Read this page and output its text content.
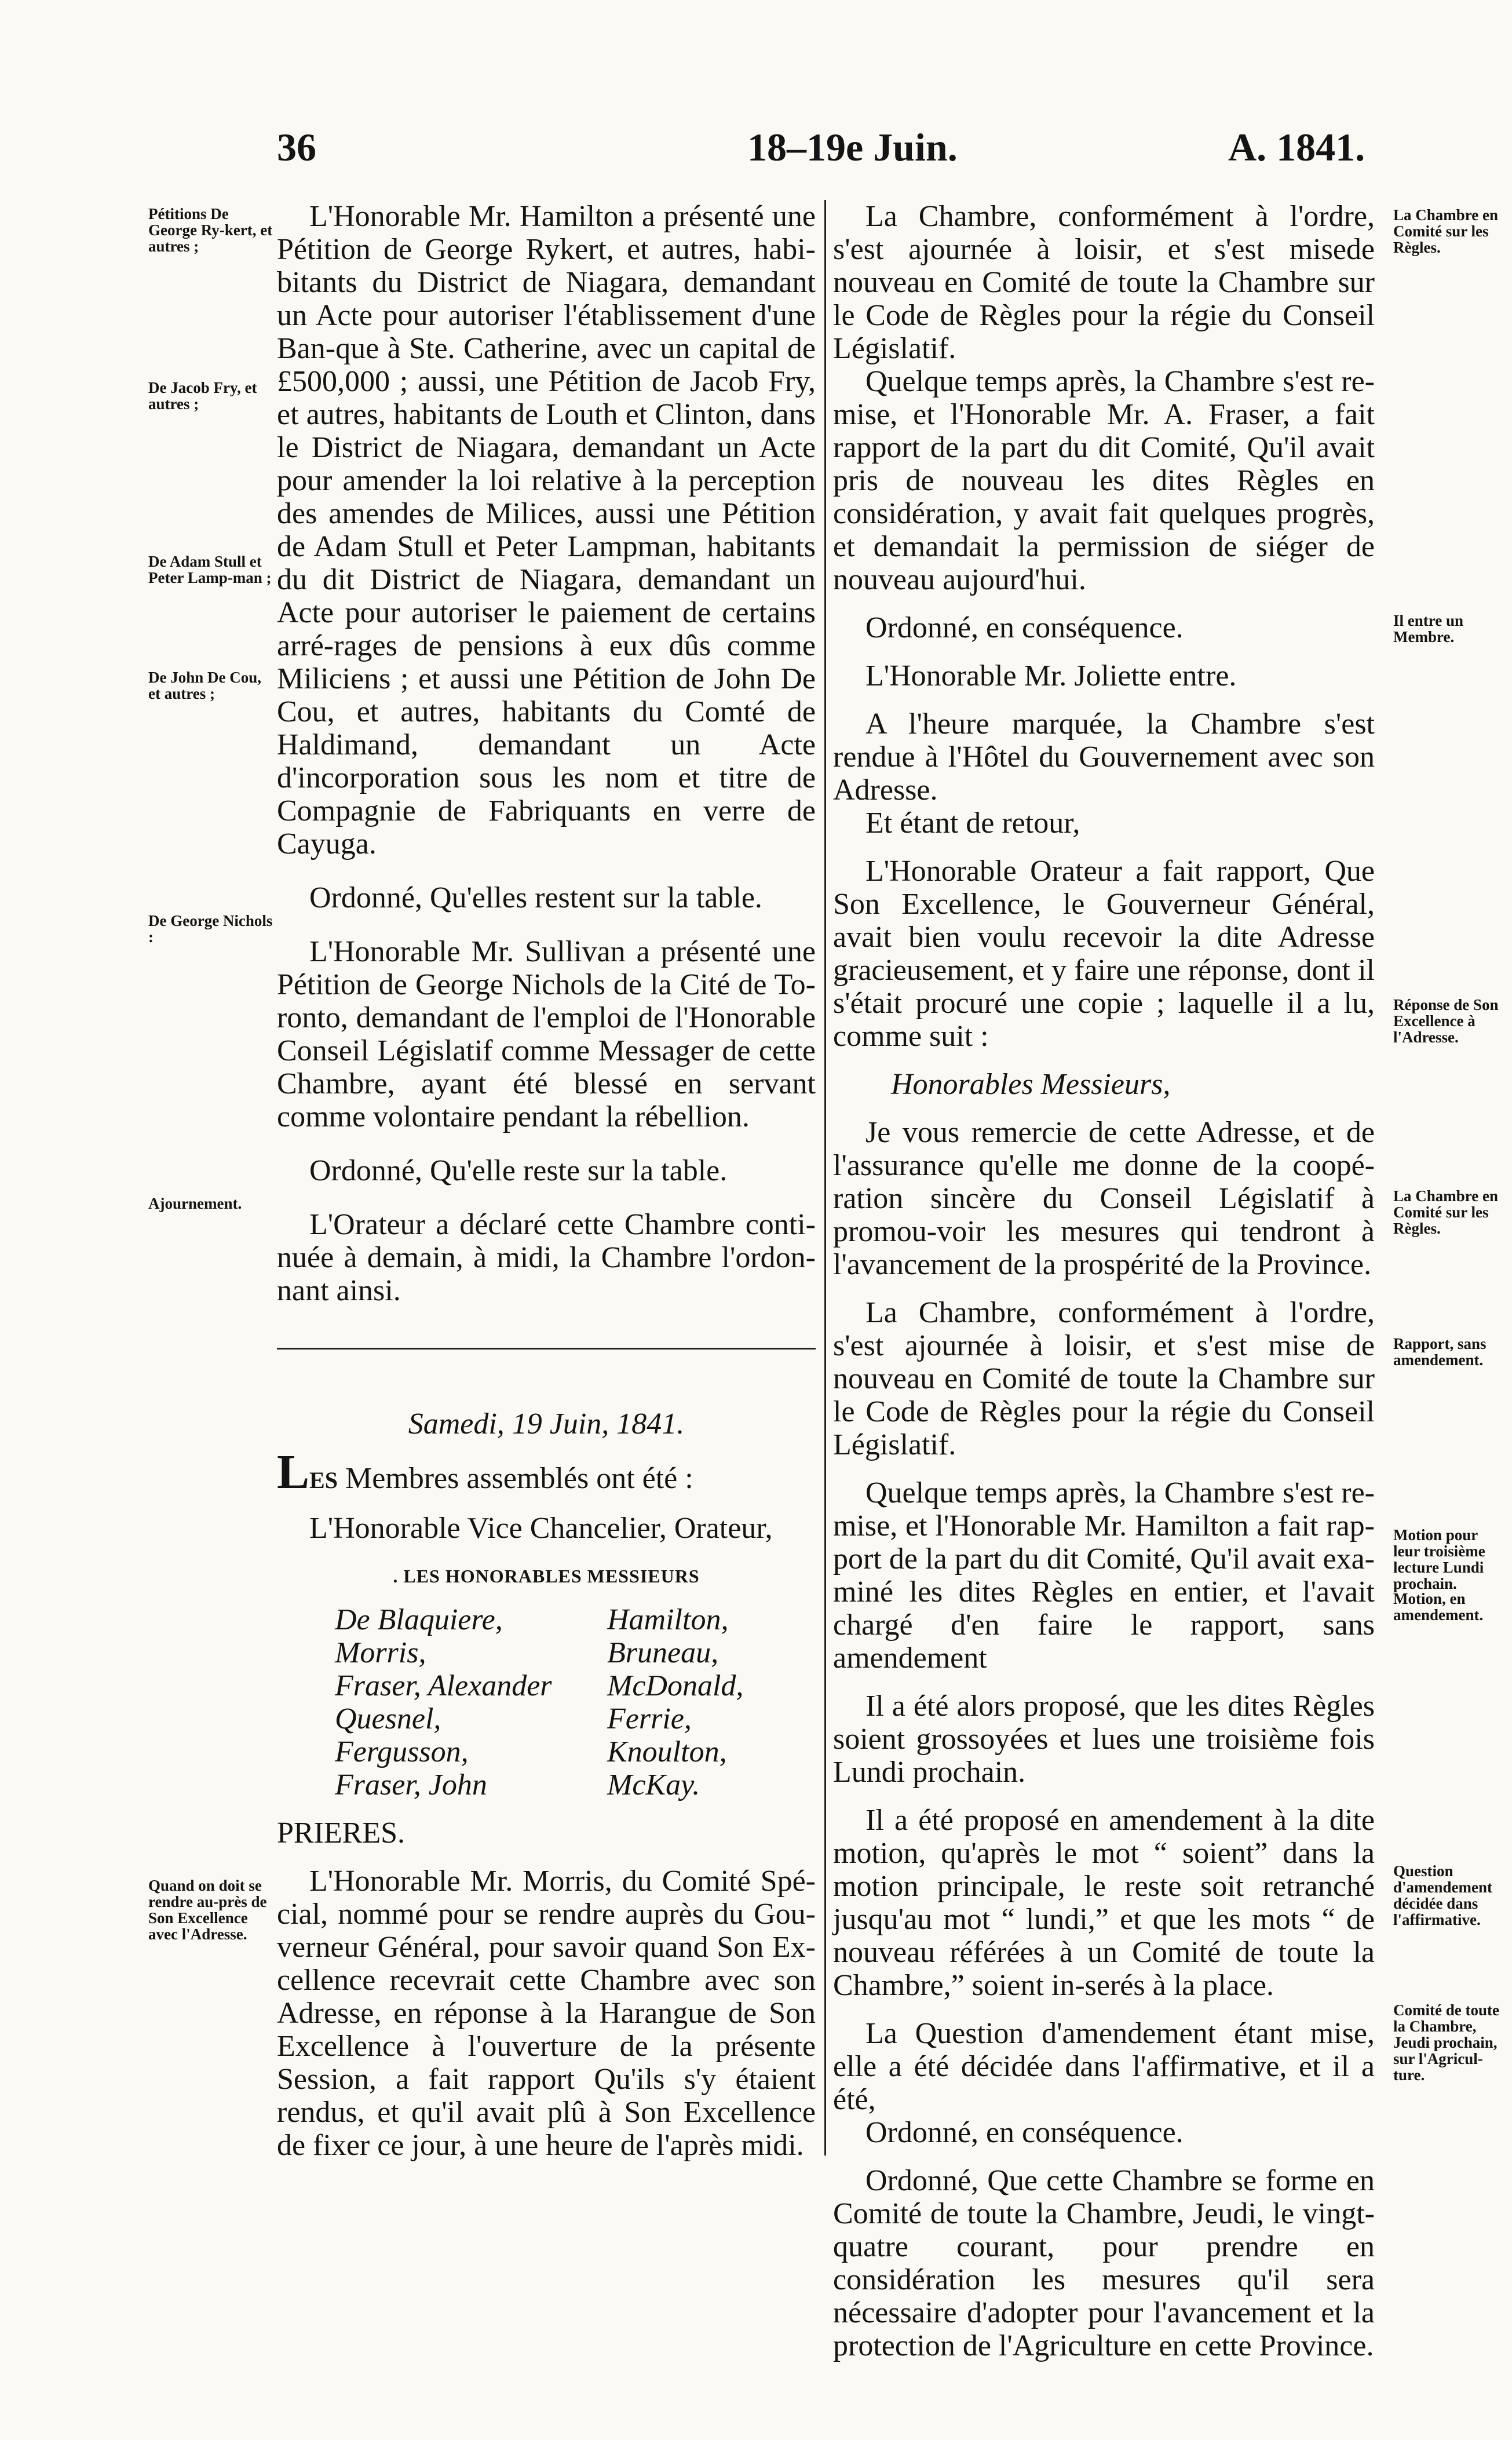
36	18–19e Juin.	A. 1841.
Pétitions De George Ry-kert, et autres ;
De Jacob Fry, et autres ;
De Adam Stull et Peter Lamp-man ;
De John De Cou, et autres ;
De George Nichols :
Ajournement.
Quand on doit se rendre au-près de Son Excellence avec l'Adresse.
La Chambre en Comité sur les Règles.
Il entre un Membre.
Réponse de Son Excellence à l'Adresse.
La Chambre en Comité sur les Règles.
Rapport, sans amendement.
Motion pour leur troisième lecture Lundi prochain.
Motion, en amendement.
Question d'amendement décidée dans l'affirmative.
Comité de toute la Chambre, Jeudi prochain, sur l'Agricul-ture.

L'Honorable Mr. Hamilton a présenté une Pétition de George Rykert, et autres, habi-bitants du District de Niagara, demandant un Acte pour autoriser l'établissement d'une Ban-que à Ste. Catherine, avec un capital de £500,000 ; aussi, une Pétition de Jacob Fry, et autres, habitants de Louth et Clinton, dans le District de Niagara, demandant un Acte pour amender la loi relative à la perception des amendes de Milices, aussi une Pétition de Adam Stull et Peter Lampman, habitants du dit District de Niagara, demandant un Acte pour autoriser le paiement de certains arré-rages de pensions à eux dûs comme Miliciens ; et aussi une Pétition de John De Cou, et autres, habitants du Comté de Haldimand, demandant un Acte d'incorporation sous les nom et titre de Compagnie de Fabriquants en verre de Cayuga.

Ordonné, Qu'elles restent sur la table.

L'Honorable Mr. Sullivan a présenté une Pétition de George Nichols de la Cité de To-ronto, demandant de l'emploi de l'Honorable Conseil Législatif comme Messager de cette Chambre, ayant été blessé en servant comme volontaire pendant la rébellion.

Ordonné, Qu'elle reste sur la table.

L'Orateur a déclaré cette Chambre conti-nuée à demain, à midi, la Chambre l'ordon-nant ainsi.

Samedi, 19 Juin, 1841.

LES Membres assemblés ont été :

L'Honorable Vice Chancelier, Orateur,

. LES HONORABLES MESSIEURS

De Blaquiere,	Hamilton,
Morris,	Bruneau,
Fraser, Alexander	McDonald,
Quesnel,	Ferrie,
Fergusson,	Knoulton,
Fraser, John	McKay.

PRIERES.

L'Honorable Mr. Morris, du Comité Spé-cial, nommé pour se rendre auprès du Gou-verneur Général, pour savoir quand Son Ex-cellence recevrait cette Chambre avec son Adresse, en réponse à la Harangue de Son Excellence à l'ouverture de la présente Session, a fait rapport Qu'ils s'y étaient rendus, et qu'il avait plû à Son Excellence de fixer ce jour, à une heure de l'après midi.

La Chambre, conformément à l'ordre, s'est ajournée à loisir, et s'est misede nouveau en Comité de toute la Chambre sur le Code de Règles pour la régie du Conseil Législatif.

Quelque temps après, la Chambre s'est re-mise, et l'Honorable Mr. A. Fraser, a fait rapport de la part du dit Comité, Qu'il avait pris de nouveau les dites Règles en considération, y avait fait quelques progrès, et demandait la permission de siéger de nouveau aujourd'hui.

Ordonné, en conséquence.

L'Honorable Mr. Joliette entre.

A l'heure marquée, la Chambre s'est rendue à l'Hôtel du Gouvernement avec son Adresse.

Et étant de retour,

L'Honorable Orateur a fait rapport, Que Son Excellence, le Gouverneur Général, avait bien voulu recevoir la dite Adresse gracieusement, et y faire une réponse, dont il s'était procuré une copie ; laquelle il a lu, comme suit :

Honorables Messieurs,

Je vous remercie de cette Adresse, et de l'assurance qu'elle me donne de la coopé-ration sincère du Conseil Législatif à promou-voir les mesures qui tendront à l'avancement de la prospérité de la Province.

La Chambre, conformément à l'ordre, s'est ajournée à loisir, et s'est mise de nouveau en Comité de toute la Chambre sur le Code de Règles pour la régie du Conseil Législatif.

Quelque temps après, la Chambre s'est re-mise, et l'Honorable Mr. Hamilton a fait rap-port de la part du dit Comité, Qu'il avait exa-miné les dites Règles en entier, et l'avait chargé d'en faire le rapport, sans amendement

Il a été alors proposé, que les dites Règles soient grossoyées et lues une troisième fois Lundi prochain.

Il a été proposé en amendement à la dite motion, qu'après le mot “ soient” dans la motion principale, le reste soit retranché jusqu'au mot “ lundi,” et que les mots “ de nouveau référées à un Comité de toute la Chambre,” soient in-serés à la place.

La Question d'amendement étant mise, elle a été décidée dans l'affirmative, et il a été,

Ordonné, en conséquence.

Ordonné, Que cette Chambre se forme en Comité de toute la Chambre, Jeudi, le vingt-quatre courant, pour prendre en considération les mesures qu'il sera nécessaire d'adopter pour l'avancement et la protection de l'Agriculture en cette Province.
